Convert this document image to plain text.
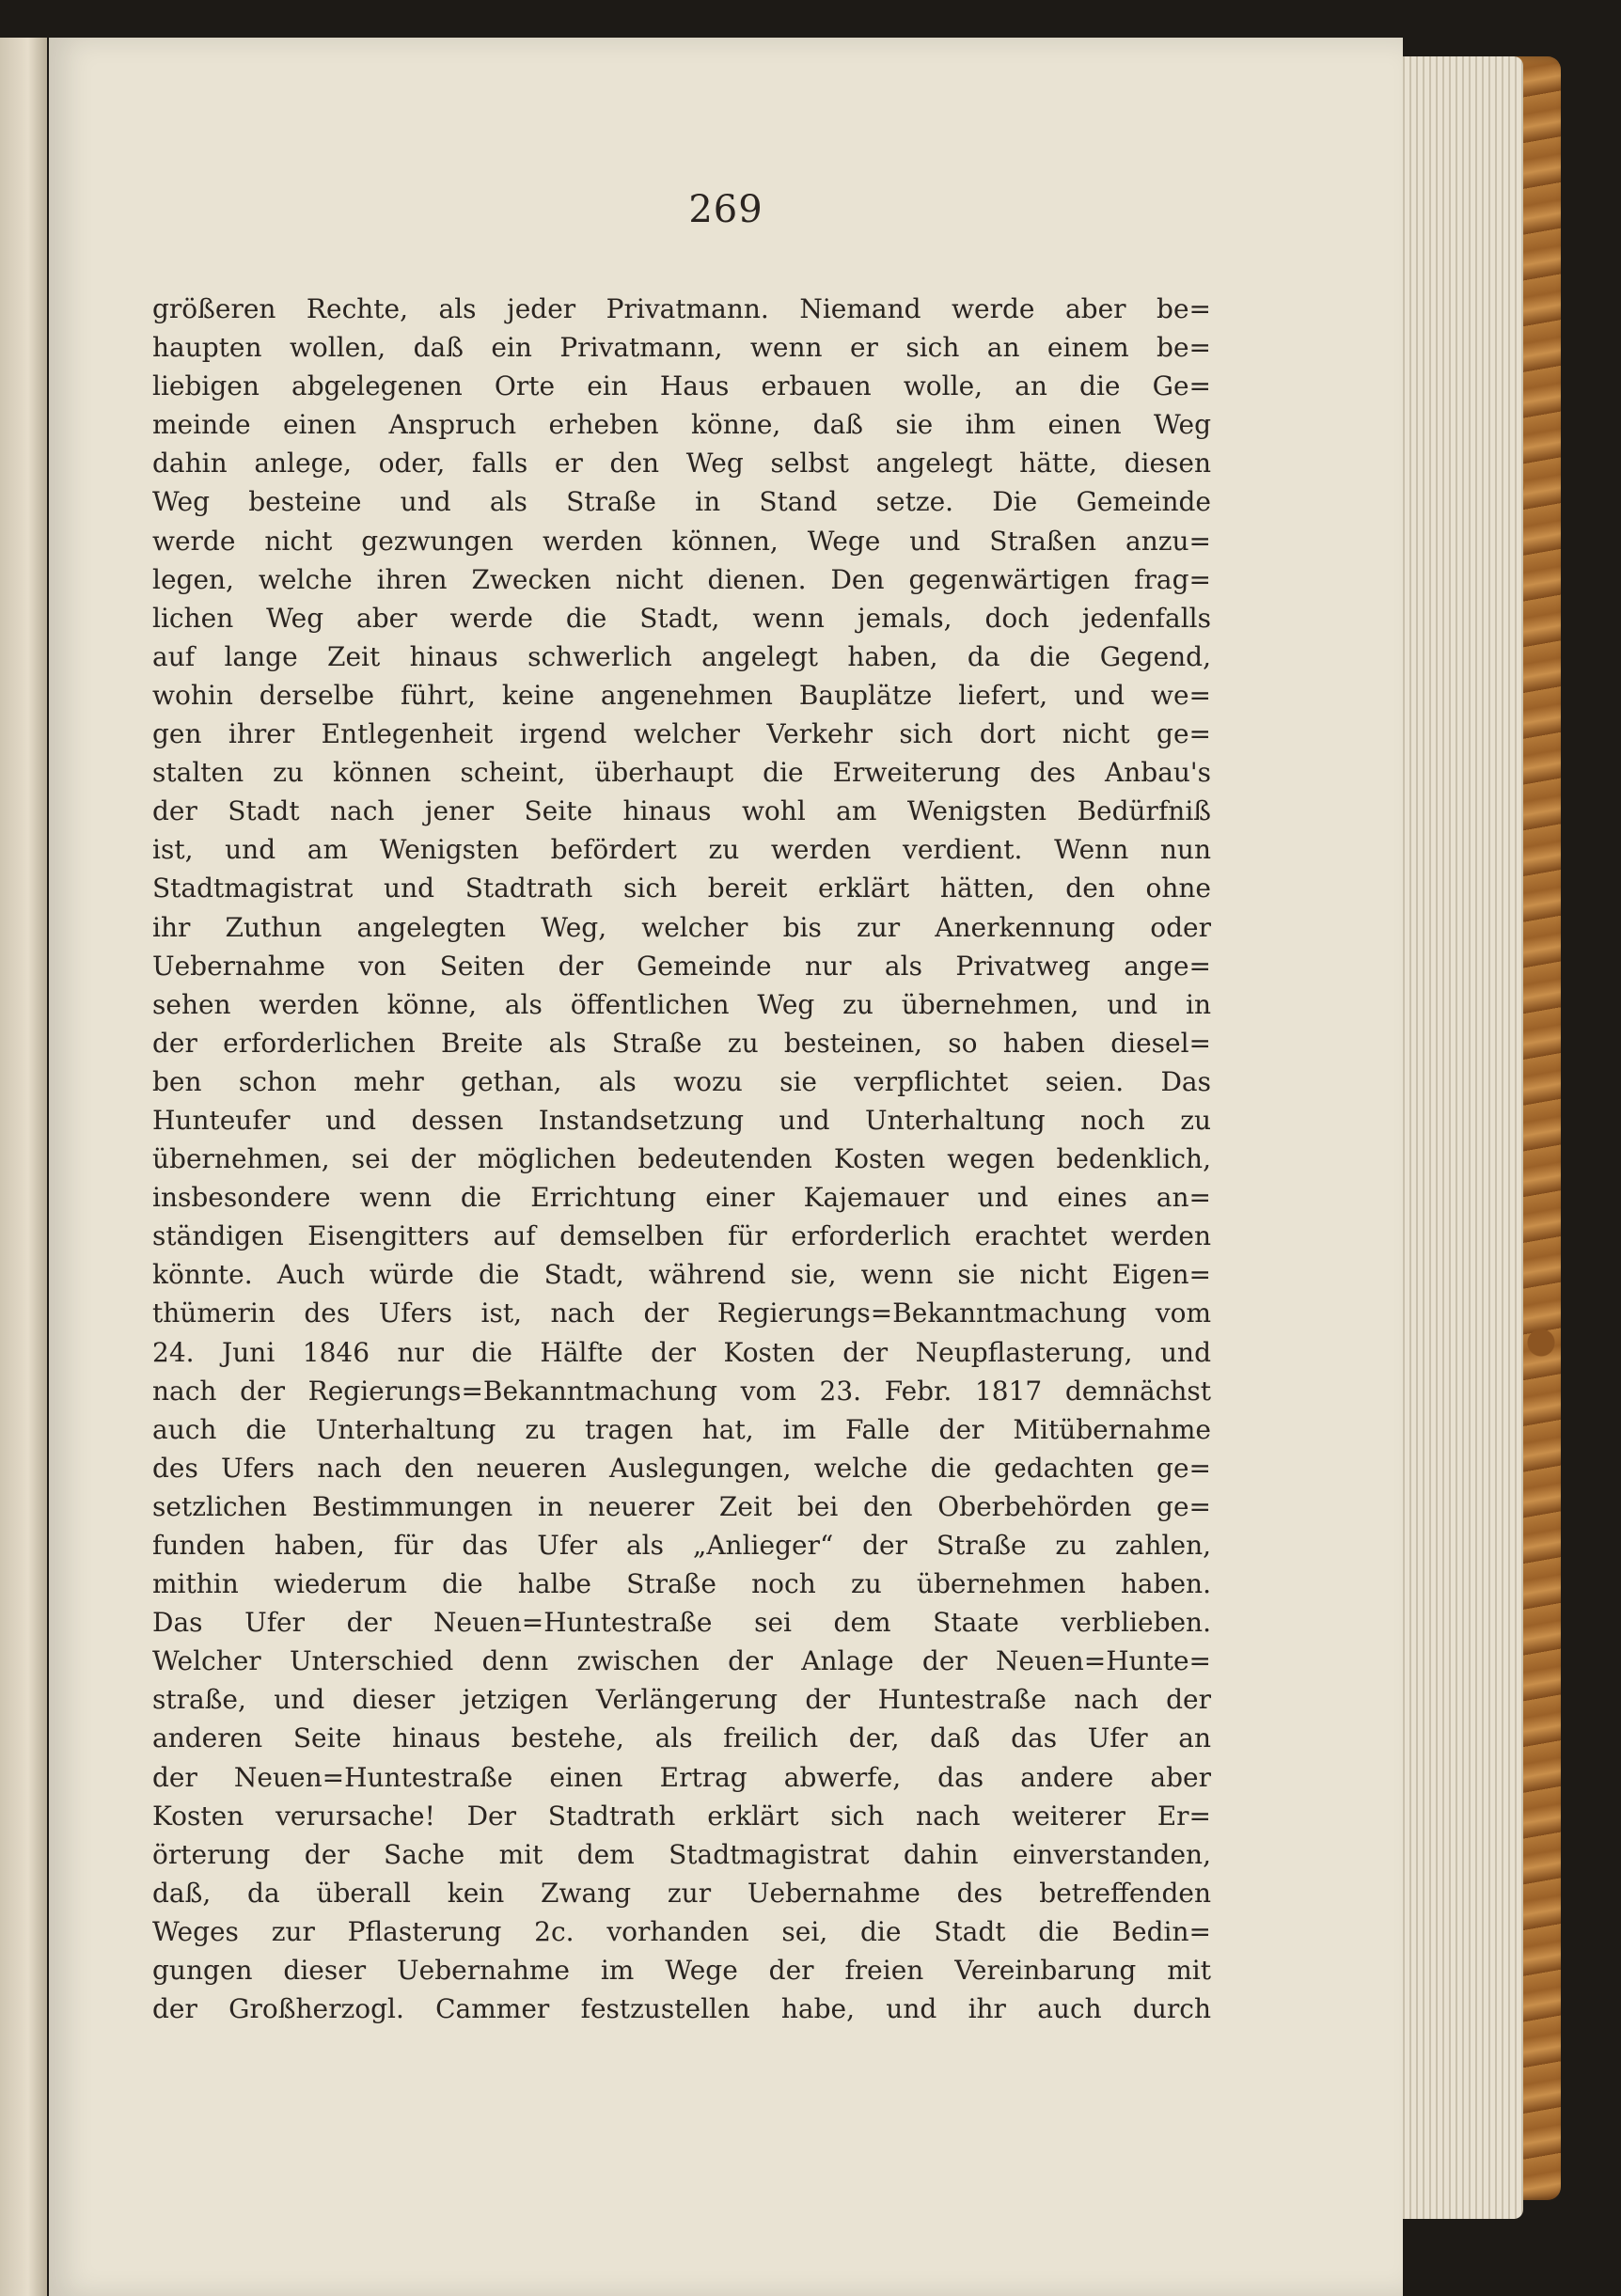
269
größeren Rechte, als jeder Privatmann. Niemand werde aber be=
haupten wollen, daß ein Privatmann, wenn er sich an einem be=
liebigen abgelegenen Orte ein Haus erbauen wolle, an die Ge=
meinde einen Anspruch erheben könne, daß sie ihm einen Weg
dahin anlege, oder, falls er den Weg selbst angelegt hätte, diesen
Weg besteine und als Straße in Stand setze. Die Gemeinde
werde nicht gezwungen werden können, Wege und Straßen anzu=
legen, welche ihren Zwecken nicht dienen. Den gegenwärtigen frag=
lichen Weg aber werde die Stadt, wenn jemals, doch jedenfalls
auf lange Zeit hinaus schwerlich angelegt haben, da die Gegend,
wohin derselbe führt, keine angenehmen Bauplätze liefert, und we=
gen ihrer Entlegenheit irgend welcher Verkehr sich dort nicht ge=
stalten zu können scheint, überhaupt die Erweiterung des Anbau's
der Stadt nach jener Seite hinaus wohl am Wenigsten Bedürfniß
ist, und am Wenigsten befördert zu werden verdient. Wenn nun
Stadtmagistrat und Stadtrath sich bereit erklärt hätten, den ohne
ihr Zuthun angelegten Weg, welcher bis zur Anerkennung oder
Uebernahme von Seiten der Gemeinde nur als Privatweg ange=
sehen werden könne, als öffentlichen Weg zu übernehmen, und in
der erforderlichen Breite als Straße zu besteinen, so haben diesel=
ben schon mehr gethan, als wozu sie verpflichtet seien. Das
Hunteufer und dessen Instandsetzung und Unterhaltung noch zu
übernehmen, sei der möglichen bedeutenden Kosten wegen bedenklich,
insbesondere wenn die Errichtung einer Kajemauer und eines an=
ständigen Eisengitters auf demselben für erforderlich erachtet werden
könnte. Auch würde die Stadt, während sie, wenn sie nicht Eigen=
thümerin des Ufers ist, nach der Regierungs=Bekanntmachung vom
24. Juni 1846 nur die Hälfte der Kosten der Neupflasterung, und
nach der Regierungs=Bekanntmachung vom 23. Febr. 1817 demnächst
auch die Unterhaltung zu tragen hat, im Falle der Mitübernahme
des Ufers nach den neueren Auslegungen, welche die gedachten ge=
setzlichen Bestimmungen in neuerer Zeit bei den Oberbehörden ge=
funden haben, für das Ufer als „Anlieger“ der Straße zu zahlen,
mithin wiederum die halbe Straße noch zu übernehmen haben.
Das Ufer der Neuen=Huntestraße sei dem Staate verblieben.
Welcher Unterschied denn zwischen der Anlage der Neuen=Hunte=
straße, und dieser jetzigen Verlängerung der Huntestraße nach der
anderen Seite hinaus bestehe, als freilich der, daß das Ufer an
der Neuen=Huntestraße einen Ertrag abwerfe, das andere aber
Kosten verursache! Der Stadtrath erklärt sich nach weiterer Er=
örterung der Sache mit dem Stadtmagistrat dahin einverstanden,
daß, da überall kein Zwang zur Uebernahme des betreffenden
Weges zur Pflasterung 2c. vorhanden sei, die Stadt die Bedin=
gungen dieser Uebernahme im Wege der freien Vereinbarung mit
der Großherzogl. Cammer festzustellen habe, und ihr auch durch
